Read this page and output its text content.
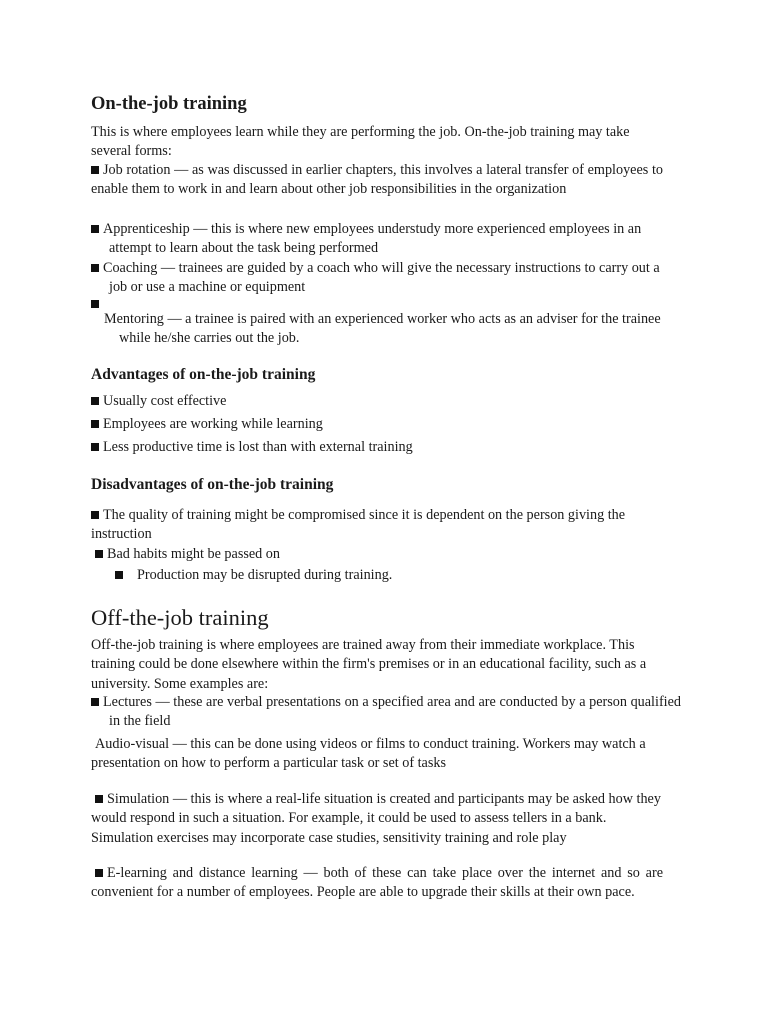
On-the-job training
This is where employees learn while they are performing the job. On-the-job training may take several forms:
Job rotation — as was discussed in earlier chapters, this involves a lateral transfer of employees to enable them to work in and learn about other job responsibilities in the organization
Apprenticeship — this is where new employees understudy more experienced employees in an attempt to learn about the task being performed
Coaching — trainees are guided by a coach who will give the necessary instructions to carry out a job or use a machine or equipment
Mentoring — a trainee is paired with an experienced worker who acts as an adviser for the trainee while he/she carries out the job.
Advantages of on-the-job training
Usually cost effective
Employees are working while learning
Less productive time is lost than with external training
Disadvantages of on-the-job training
The quality of training might be compromised since it is dependent on the person giving the instruction
Bad habits might be passed on
Production may be disrupted during training.
Off-the-job training
Off-the-job training is where employees are trained away from their immediate workplace. This training could be done elsewhere within the firm's premises or in an educational facility, such as a university. Some examples are:
Lectures — these are verbal presentations on a specified area and are conducted by a person qualified in the field
Audio-visual — this can be done using videos or films to conduct training. Workers may watch a presentation on how to perform a particular task or set of tasks
Simulation — this is where a real-life situation is created and participants may be asked how they would respond in such a situation. For example, it could be used to assess tellers in a bank. Simulation exercises may incorporate case studies, sensitivity training and role play
E-learning and distance learning — both of these can take place over the internet and so are convenient for a number of employees. People are able to upgrade their skills at their own pace.
